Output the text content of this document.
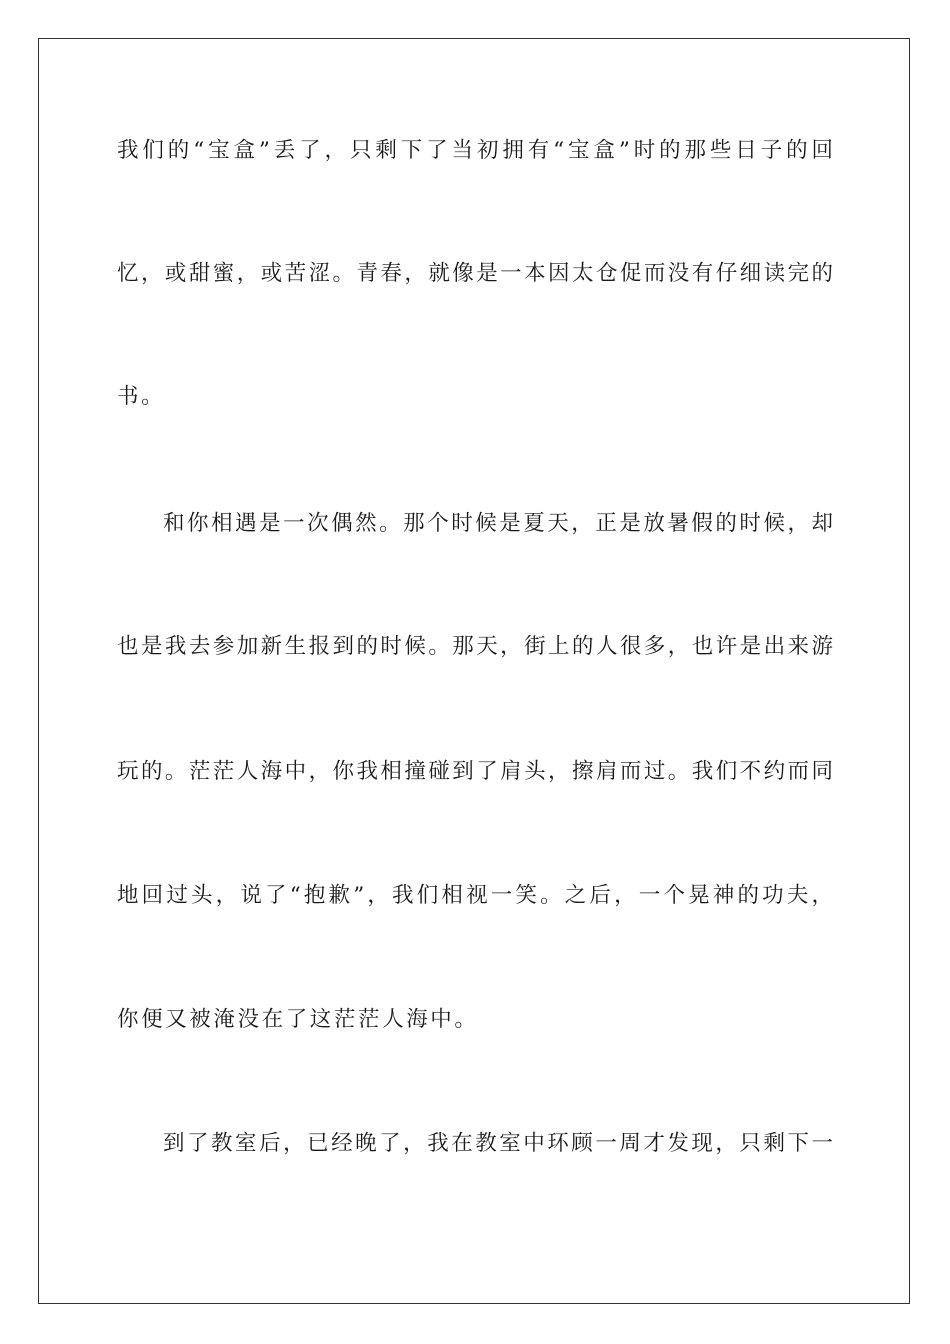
我们的“宝盒”丢了，只剩下了当初拥有“宝盒”时的那些日子的回
忆，或甜蜜，或苦涩。青春，就像是一本因太仓促而没有仔细读完的
书。
和你相遇是一次偶然。那个时候是夏天，正是放暑假的时候，却
也是我去参加新生报到的时候。那天，街上的人很多，也许是出来游
玩的。茫茫人海中，你我相撞碰到了肩头，擦肩而过。我们不约而同
地回过头，说了“抱歉”，我们相视一笑。之后，一个晃神的功夫，
你便又被淹没在了这茫茫人海中。
到了教室后，已经晚了，我在教室中环顾一周才发现，只剩下一
